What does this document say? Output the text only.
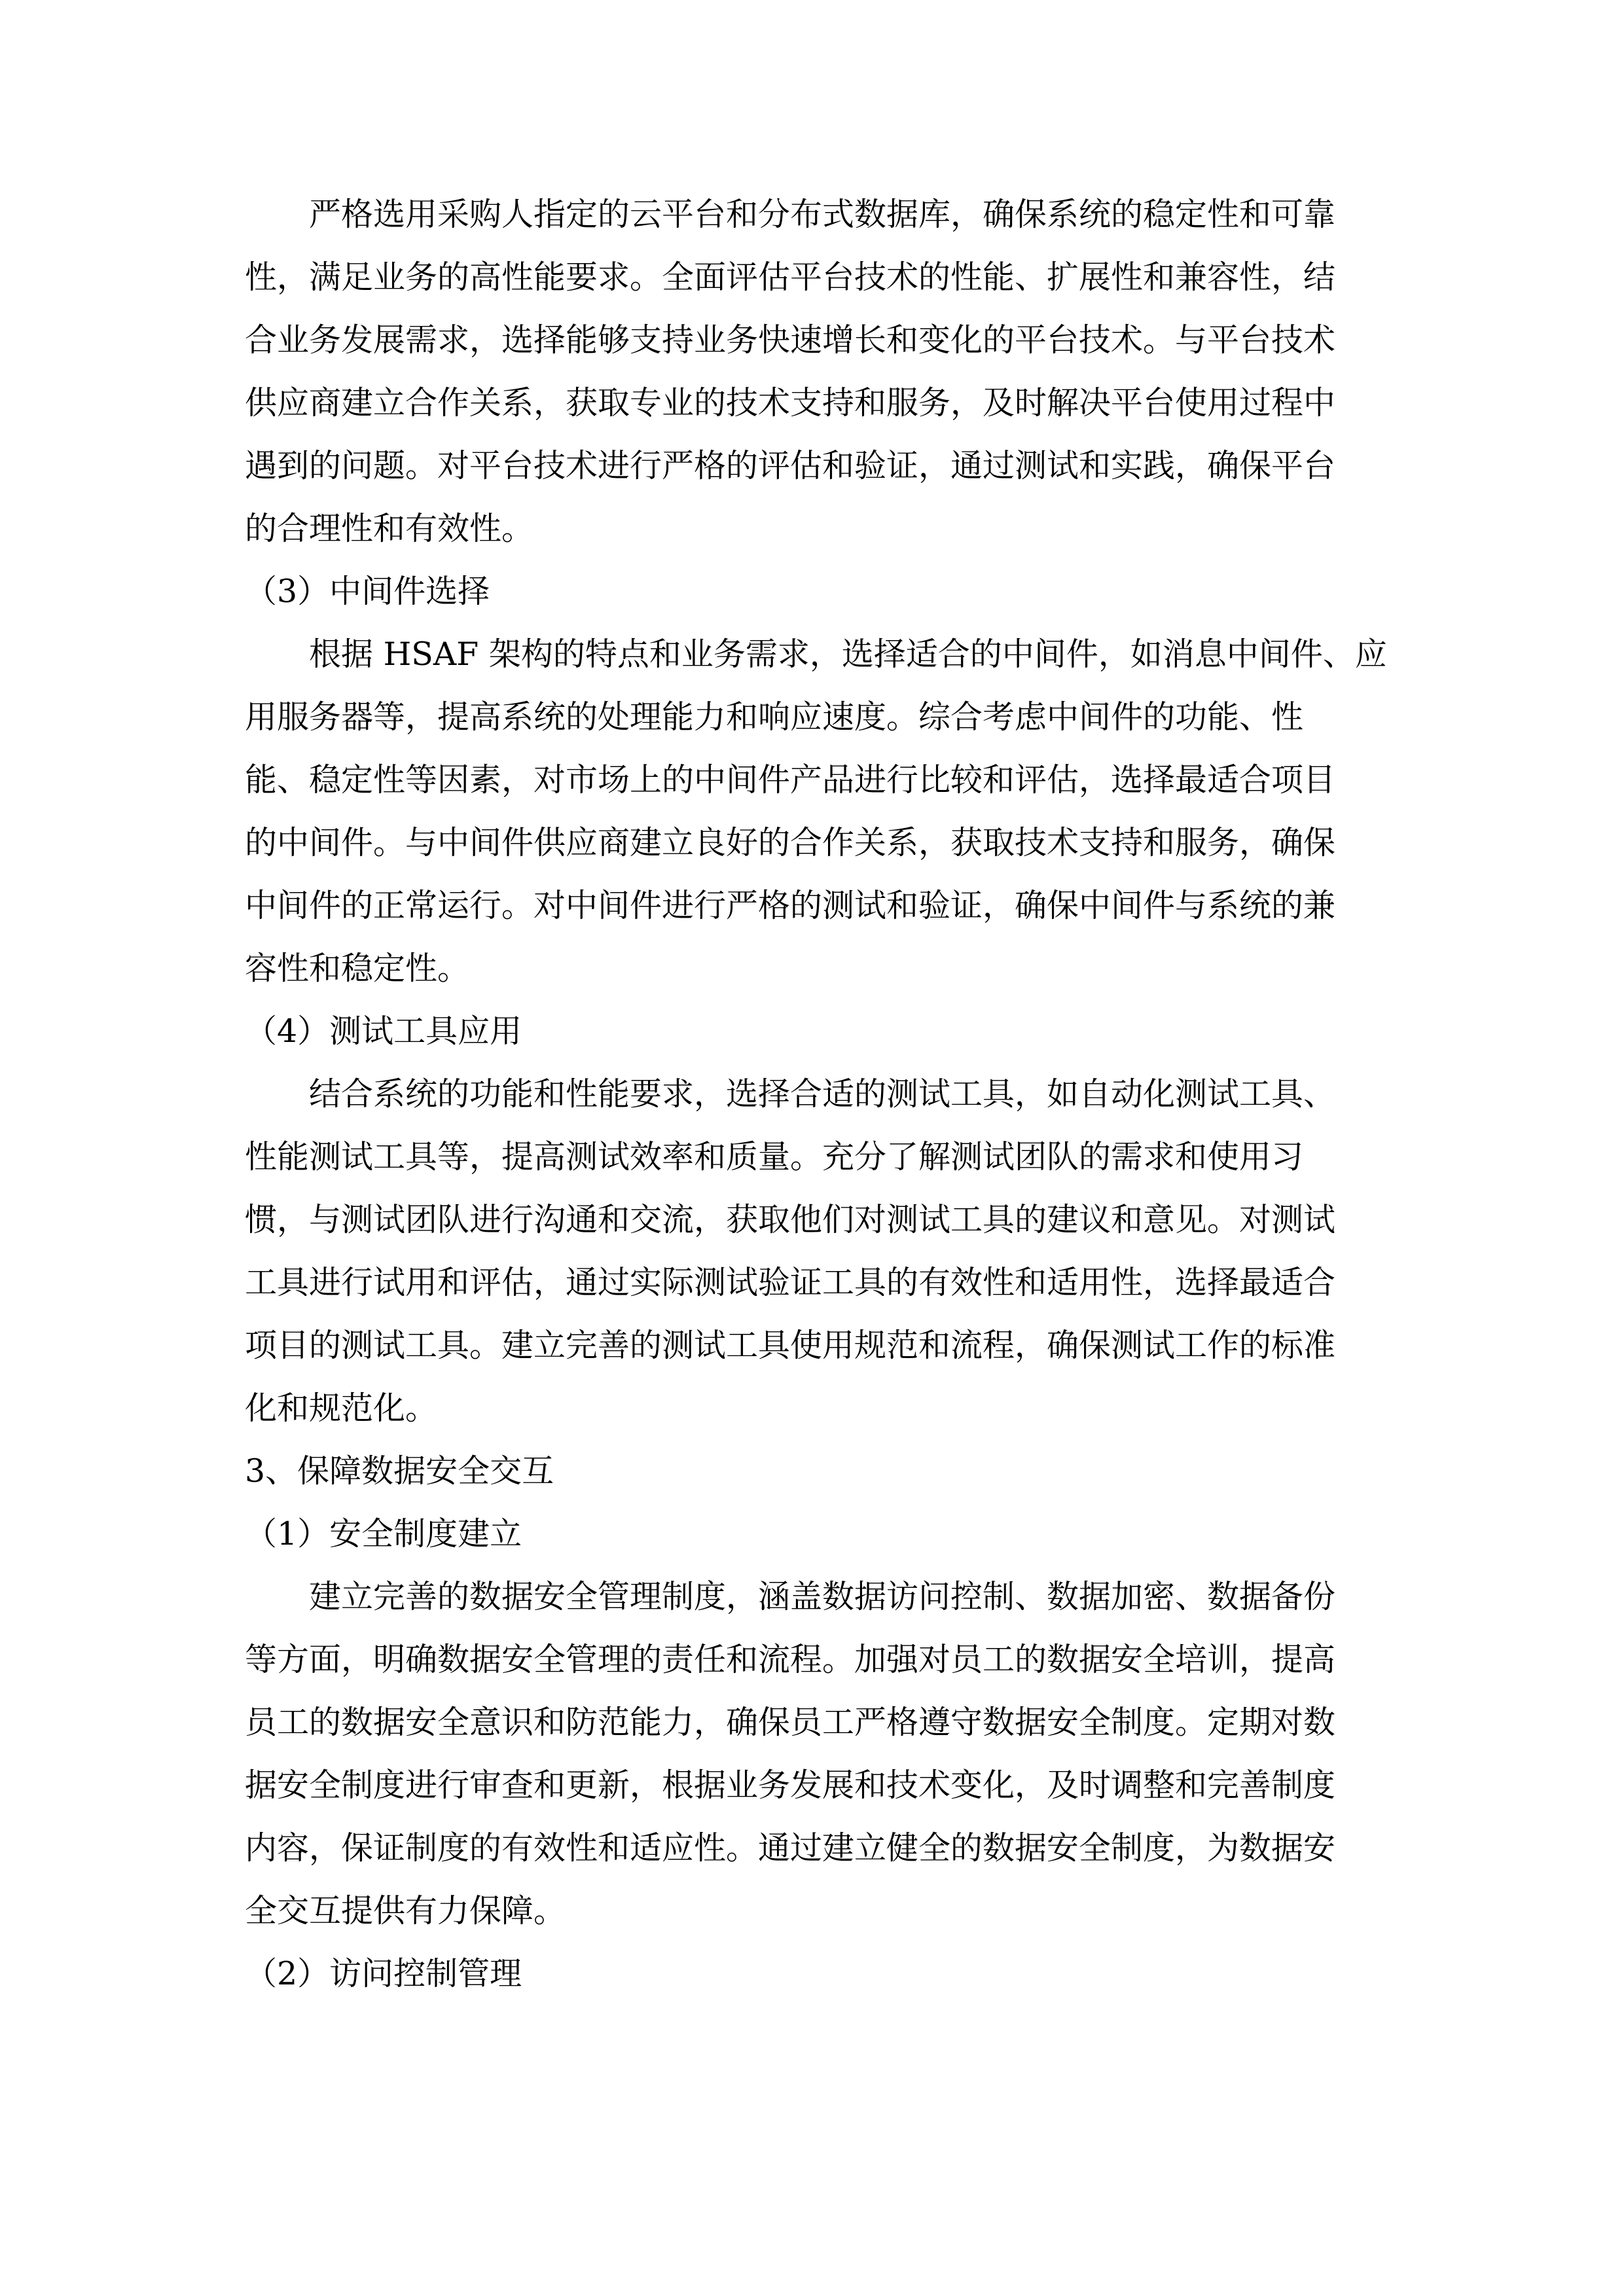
严格选用采购人指定的云平台和分布式数据库，确保系统的稳定性和可靠
性，满足业务的高性能要求。全面评估平台技术的性能、扩展性和兼容性，结
合业务发展需求，选择能够支持业务快速增长和变化的平台技术。与平台技术
供应商建立合作关系，获取专业的技术支持和服务，及时解决平台使用过程中
遇到的问题。对平台技术进行严格的评估和验证，通过测试和实践，确保平台
的合理性和有效性。
（3）中间件选择
根据 HSAF 架构的特点和业务需求，选择适合的中间件，如消息中间件、应
用服务器等，提高系统的处理能力和响应速度。综合考虑中间件的功能、性
能、稳定性等因素，对市场上的中间件产品进行比较和评估，选择最适合项目
的中间件。与中间件供应商建立良好的合作关系，获取技术支持和服务，确保
中间件的正常运行。对中间件进行严格的测试和验证，确保中间件与系统的兼
容性和稳定性。
（4）测试工具应用
结合系统的功能和性能要求，选择合适的测试工具，如自动化测试工具、
性能测试工具等，提高测试效率和质量。充分了解测试团队的需求和使用习
惯，与测试团队进行沟通和交流，获取他们对测试工具的建议和意见。对测试
工具进行试用和评估，通过实际测试验证工具的有效性和适用性，选择最适合
项目的测试工具。建立完善的测试工具使用规范和流程，确保测试工作的标准
化和规范化。
3、保障数据安全交互
（1）安全制度建立
建立完善的数据安全管理制度，涵盖数据访问控制、数据加密、数据备份
等方面，明确数据安全管理的责任和流程。加强对员工的数据安全培训，提高
员工的数据安全意识和防范能力，确保员工严格遵守数据安全制度。定期对数
据安全制度进行审查和更新，根据业务发展和技术变化，及时调整和完善制度
内容，保证制度的有效性和适应性。通过建立健全的数据安全制度，为数据安
全交互提供有力保障。
（2）访问控制管理
